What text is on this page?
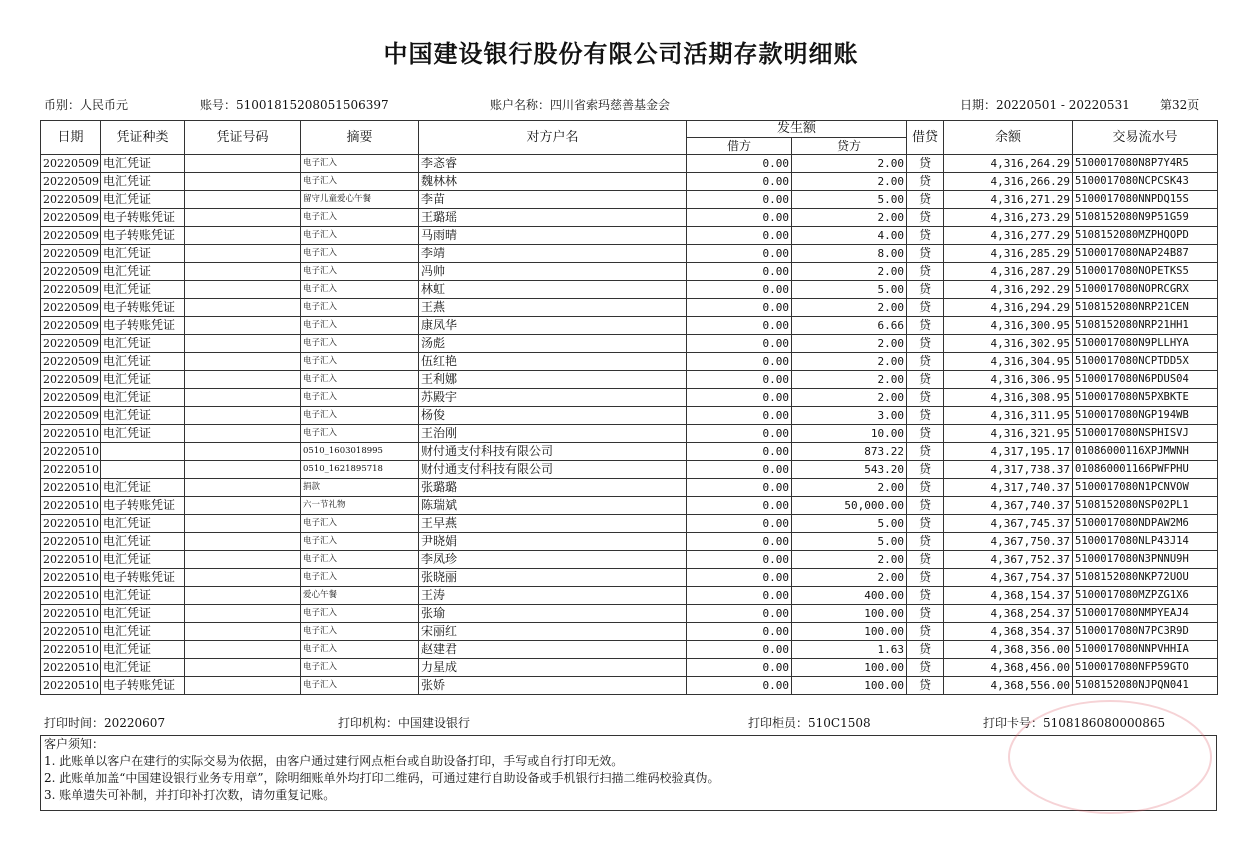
中国建设银行股份有限公司活期存款明细账
币别：人民币元	账号：51001815208051506397	账户名称：四川省索玛慈善基金会	日期：20220501 - 20220531	第32页
日期	凭证种类	凭证号码	摘要	对方户名	发生额		借贷	余额	交易流水号
					借方	贷方			
20220509	电汇凭证		电子汇入	李忞睿	0.00	2.00	贷	4,316,264.29	5100017080N8P7Y4R5
20220509	电汇凭证		电子汇入	魏林林	0.00	2.00	贷	4,316,266.29	5100017080NCPCSK43
20220509	电汇凭证		留守儿童爱心午餐	李苗	0.00	5.00	贷	4,316,271.29	5100017080NNPDQ15S
20220509	电子转账凭证		电子汇入	王璐瑶	0.00	2.00	贷	4,316,273.29	5108152080N9P51G59
20220509	电子转账凭证		电子汇入	马雨晴	0.00	4.00	贷	4,316,277.29	5108152080MZPHQOPD
20220509	电汇凭证		电子汇入	李靖	0.00	8.00	贷	4,316,285.29	5100017080NAP24B87
20220509	电汇凭证		电子汇入	冯帅	0.00	2.00	贷	4,316,287.29	5100017080NOPETKS5
20220509	电汇凭证		电子汇入	林虹	0.00	5.00	贷	4,316,292.29	5100017080NOPRCGRX
20220509	电子转账凭证		电子汇入	王燕	0.00	2.00	贷	4,316,294.29	5108152080NRP21CEN
20220509	电子转账凭证		电子汇入	康凤华	0.00	6.66	贷	4,316,300.95	5108152080NRP21HH1
20220509	电汇凭证		电子汇入	汤彪	0.00	2.00	贷	4,316,302.95	5100017080N9PLLHYA
20220509	电汇凭证		电子汇入	伍红艳	0.00	2.00	贷	4,316,304.95	5100017080NCPTDD5X
20220509	电汇凭证		电子汇入	王利娜	0.00	2.00	贷	4,316,306.95	5100017080N6PDUS04
20220509	电汇凭证		电子汇入	苏殿宇	0.00	2.00	贷	4,316,308.95	5100017080N5PXBKTE
20220509	电汇凭证		电子汇入	杨俊	0.00	3.00	贷	4,316,311.95	5100017080NGP194WB
20220510	电汇凭证		电子汇入	王治刚	0.00	10.00	贷	4,316,321.95	5100017080NSPHISVJ
20220510			0510_1603018995	财付通支付科技有限公司	0.00	873.22	贷	4,317,195.17	01086000116XPJMWNH
20220510			0510_1621895718	财付通支付科技有限公司	0.00	543.20	贷	4,317,738.37	010860001166PWFPHU
20220510	电汇凭证		捐款	张璐璐	0.00	2.00	贷	4,317,740.37	5100017080N1PCNVOW
20220510	电子转账凭证		六一节礼物	陈瑞斌	0.00	50,000.00	贷	4,367,740.37	5108152080NSP02PL1
20220510	电汇凭证		电子汇入	王早燕	0.00	5.00	贷	4,367,745.37	5100017080NDPAW2M6
20220510	电汇凭证		电子汇入	尹晓娟	0.00	5.00	贷	4,367,750.37	5100017080NLP43J14
20220510	电汇凭证		电子汇入	李凤珍	0.00	2.00	贷	4,367,752.37	5100017080N3PNNU9H
20220510	电子转账凭证		电子汇入	张晓丽	0.00	2.00	贷	4,367,754.37	5108152080NKP72UOU
20220510	电汇凭证		爱心午餐	王涛	0.00	400.00	贷	4,368,154.37	5100017080MZPZG1X6
20220510	电汇凭证		电子汇入	张瑜	0.00	100.00	贷	4,368,254.37	5100017080NMPYEAJ4
20220510	电汇凭证		电子汇入	宋丽红	0.00	100.00	贷	4,368,354.37	5100017080N7PC3R9D
20220510	电汇凭证		电子汇入	赵建君	0.00	1.63	贷	4,368,356.00	5100017080NNPVHHIA
20220510	电汇凭证		电子汇入	力星成	0.00	100.00	贷	4,368,456.00	5100017080NFP59GTO
20220510	电子转账凭证		电子汇入	张娇	0.00	100.00	贷	4,368,556.00	5108152080NJPQN041
打印时间：20220607	打印机构：中国建设银行	打印柜员：510C1508	打印卡号：5108186080000865
客户须知：
1. 此账单以客户在建行的实际交易为依据，由客户通过建行网点柜台或自助设备打印，手写或自行打印无效。
2. 此账单加盖“中国建设银行业务专用章”，除明细账单外均打印二维码，可通过建行自助设备或手机银行扫描二维码校验真伪。
3. 账单遗失可补制，并打印补打次数，请勿重复记账。
